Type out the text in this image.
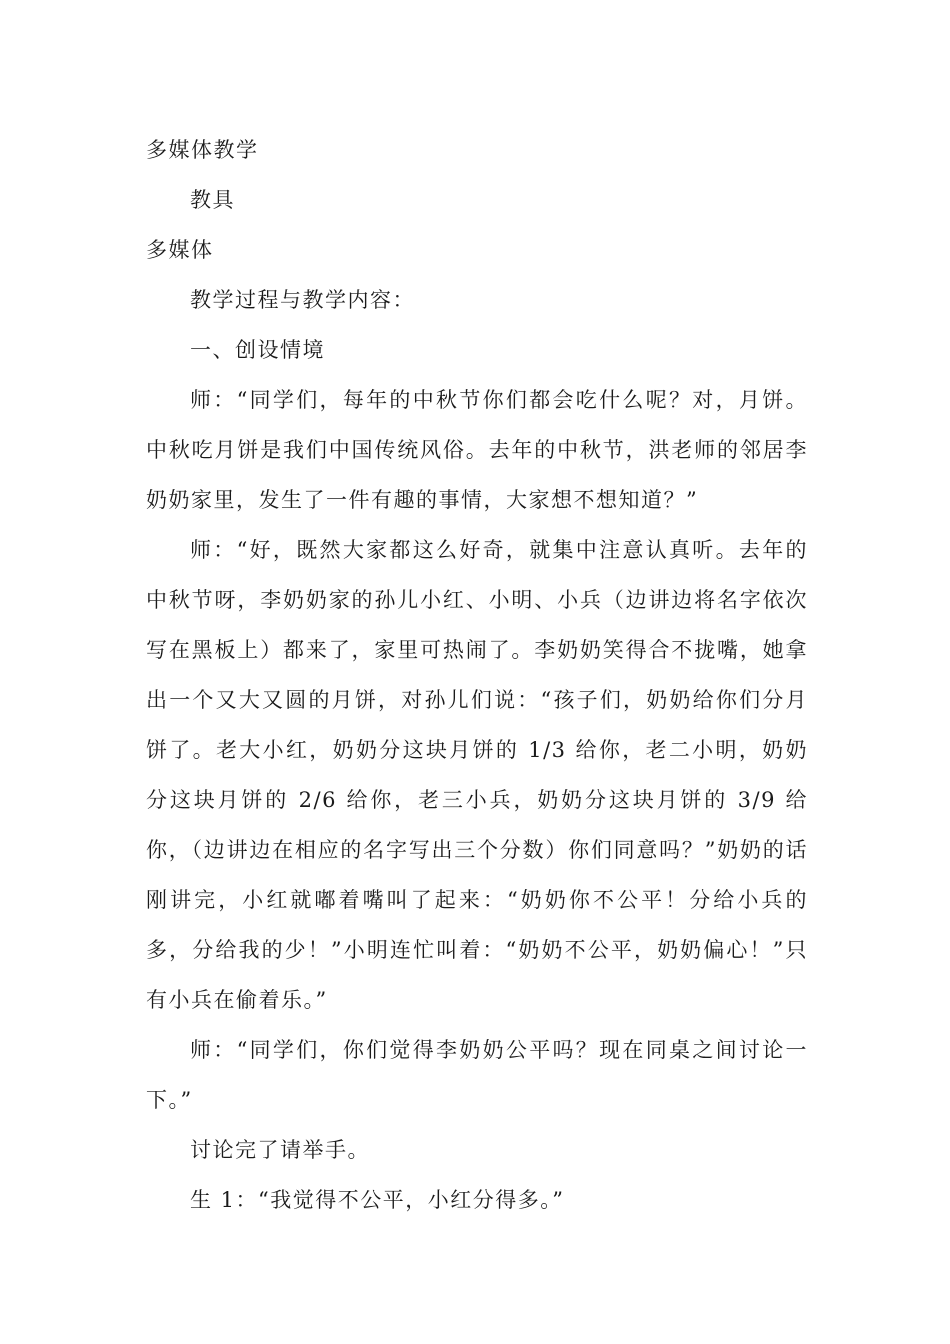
多媒体教学

教具

多媒体

教学过程与教学内容：

一、创设情境

师：“同学们，每年的中秋节你们都会吃什么呢？对，月饼。中秋吃月饼是我们中国传统风俗。去年的中秋节，洪老师的邻居李奶奶家里，发生了一件有趣的事情，大家想不想知道？”

师：“好，既然大家都这么好奇，就集中注意认真听。去年的中秋节呀，李奶奶家的孙儿小红、小明、小兵（边讲边将名字依次写在黑板上）都来了，家里可热闹了。李奶奶笑得合不拢嘴，她拿出一个又大又圆的月饼，对孙儿们说：“孩子们，奶奶给你们分月饼了。老大小红，奶奶分这块月饼的 1/3 给你，老二小明，奶奶分这块月饼的 2/6 给你，老三小兵，奶奶分这块月饼的 3/9 给你，（边讲边在相应的名字写出三个分数）你们同意吗？”奶奶的话刚讲完，小红就嘟着嘴叫了起来：“奶奶你不公平！分给小兵的多，分给我的少！”小明连忙叫着：“奶奶不公平，奶奶偏心！”只有小兵在偷着乐。”

师：“同学们，你们觉得李奶奶公平吗？现在同桌之间讨论一下。”

讨论完了请举手。

生 1：“我觉得不公平，小红分得多。”
